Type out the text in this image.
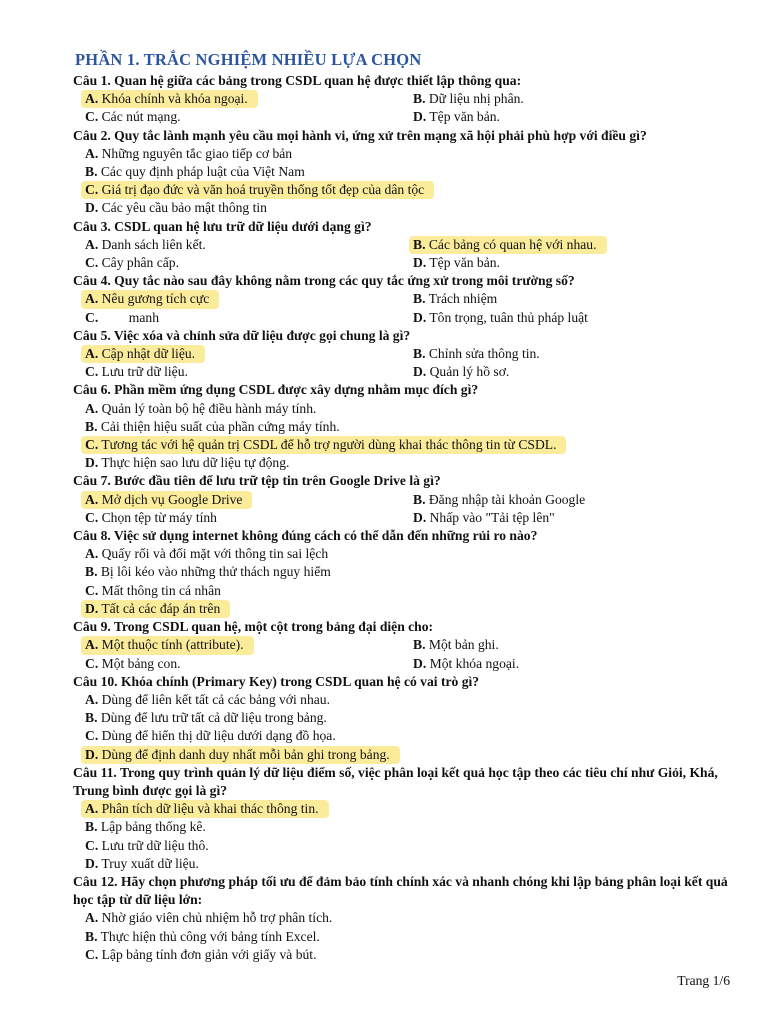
PHẦN 1. TRẮC NGHIỆM NHIỀU LỰA CHỌN
Câu 1. Quan hệ giữa các bảng trong CSDL quan hệ được thiết lập thông qua:
A. Khóa chính và khóa ngoại.	B. Dữ liệu nhị phân.
C. Các nút mạng.	D. Tệp văn bản.
Câu 2. Quy tắc lành mạnh yêu cầu mọi hành vi, ứng xử trên mạng xã hội phải phù hợp với điều gì?
A. Những nguyên tắc giao tiếp cơ bản
B. Các quy định pháp luật của Việt Nam
C. Giá trị đạo đức và văn hoá truyền thống tốt đẹp của dân tộc
D. Các yêu cầu bảo mật thông tin
Câu 3. CSDL quan hệ lưu trữ dữ liệu dưới dạng gì?
A. Danh sách liên kết.	B. Các bảng có quan hệ với nhau.
C. Cây phân cấp.	D. Tệp văn bản.
Câu 4. Quy tắc nào sau đây không nằm trong các quy tắc ứng xử trong môi trường số?
A. Nêu gương tích cực	B. Trách nhiệm
C.         manh	D. Tôn trọng, tuân thủ pháp luật
Câu 5. Việc xóa và chỉnh sửa dữ liệu được gọi chung là gì?
A. Cập nhật dữ liệu.	B. Chỉnh sửa thông tin.
C. Lưu trữ dữ liệu.	D. Quản lý hồ sơ.
Câu 6. Phần mềm ứng dụng CSDL được xây dựng nhằm mục đích gì?
A. Quản lý toàn bộ hệ điều hành máy tính.
B. Cải thiện hiệu suất của phần cứng máy tính.
C. Tương tác với hệ quản trị CSDL để hỗ trợ người dùng khai thác thông tin từ CSDL.
D. Thực hiện sao lưu dữ liệu tự động.
Câu 7. Bước đầu tiên để lưu trữ tệp tin trên Google Drive là gì?
A. Mở dịch vụ Google Drive	B. Đăng nhập tài khoản Google
C. Chọn tệp từ máy tính	D. Nhấp vào "Tải tệp lên"
Câu 8. Việc sử dụng internet không đúng cách có thể dẫn đến những rủi ro nào?
A. Quấy rối và đối mặt với thông tin sai lệch
B. Bị lôi kéo vào những thử thách nguy hiểm
C. Mất thông tin cá nhân
D. Tất cả các đáp án trên
Câu 9. Trong CSDL quan hệ, một cột trong bảng đại diện cho:
A. Một thuộc tính (attribute).	B. Một bản ghi.
C. Một bảng con.	D. Một khóa ngoại.
Câu 10. Khóa chính (Primary Key) trong CSDL quan hệ có vai trò gì?
A. Dùng để liên kết tất cả các bảng với nhau.
B. Dùng để lưu trữ tất cả dữ liệu trong bảng.
C. Dùng để hiển thị dữ liệu dưới dạng đồ họa.
D. Dùng để định danh duy nhất mỗi bản ghi trong bảng.
Câu 11. Trong quy trình quản lý dữ liệu điểm số, việc phân loại kết quả học tập theo các tiêu chí như Giỏi, Khá, Trung bình được gọi là gì?
A. Phân tích dữ liệu và khai thác thông tin.
B. Lập bảng thống kê.
C. Lưu trữ dữ liệu thô.
D. Truy xuất dữ liệu.
Câu 12. Hãy chọn phương pháp tối ưu để đảm bảo tính chính xác và nhanh chóng khi lập bảng phân loại kết quả học tập từ dữ liệu lớn:
A. Nhờ giáo viên chủ nhiệm hỗ trợ phân tích.
B. Thực hiện thủ công với bảng tính Excel.
C. Lập bảng tính đơn giản với giấy và bút.
Trang 1/6
